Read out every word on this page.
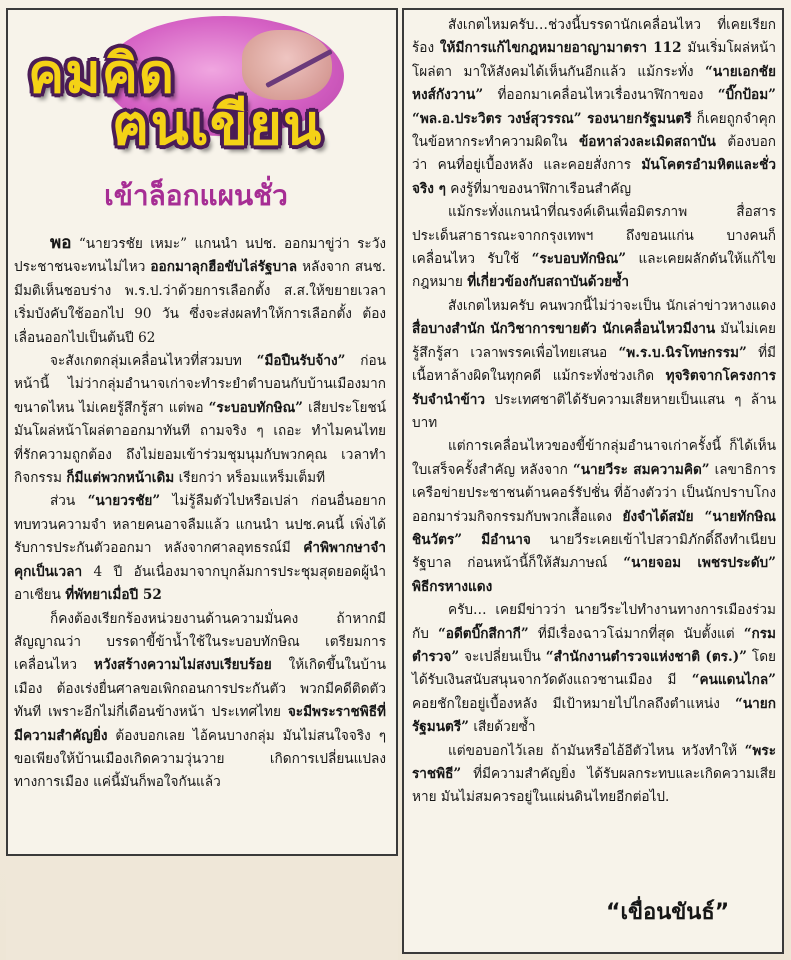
คมคิด
ฅนเขียน
เข้าล็อกแผนชั่ว

พอ “นายวรชัย เหมะ” แกนนำ นปช. ออกมาขู่ว่า ระวังประชาชนจะทนไม่ไหว ออกมาลุกฮือขับไล่รัฐบาล หลังจาก สนช. มีมติเห็นชอบร่าง พ.ร.ป.ว่าด้วยการเลือกตั้ง ส.ส.ให้ขยายเวลาเริ่มบังคับใช้ออกไป 90 วัน ซึ่งจะส่งผลทำให้การเลือกตั้ง ต้องเลื่อนออกไปเป็นต้นปี 62

จะสังเกตกลุ่มเคลื่อนไหวที่สวมบท “มือปืนรับจ้าง” ก่อนหน้านี้ ไม่ว่ากลุ่มอำนาจเก่าจะทำระยำตำบอนกับบ้านเมืองมากขนาดไหน ไม่เคยรู้สึกรู้สา แต่พอ “ระบอบทักษิณ” เสียประโยชน์ มันโผล่หน้าโผล่ตาออกมาทันที ถามจริง ๆ เถอะ ทำไมคนไทยที่รักความถูกต้อง ถึงไม่ยอมเข้าร่วมชุมนุมกับพวกคุณ เวลาทำกิจกรรม ก็มีแต่พวกหน้าเดิม เรียกว่า หร็อมแหร็มเต็มที

ส่วน “นายวรชัย” ไม่รู้ลืมตัวไปหรือเปล่า ก่อนอื่นอยากทบทวนความจำ หลายคนอาจลืมแล้ว แกนนำ นปช.คนนี้ เพิ่งได้รับการประกันตัวออกมา หลังจากศาลอุทธรณ์มี คำพิพากษาจำคุกเป็นเวลา 4 ปี อันเนื่องมาจากบุกล้มการประชุมสุดยอดผู้นำอาเซียน ที่พัทยาเมื่อปี 52

ก็คงต้องเรียกร้องหน่วยงานด้านความมั่นคง ถ้าหากมีสัญญาณว่า บรรดาขี้ข้าน้ำใช้ในระบอบทักษิณ เตรียมการเคลื่อนไหว หวังสร้างความไม่สงบเรียบร้อย ให้เกิดขึ้นในบ้านเมือง ต้องเร่งยื่นศาลขอเพิกถอนการประกันตัว พวกมีคดีติดตัวทันที เพราะอีกไม่กี่เดือนข้างหน้า ประเทศไทย จะมีพระราชพิธีที่มีความสำคัญยิ่ง ต้องบอกเลย ไอ้คนบางกลุ่ม มันไม่สนใจจริง ๆ ขอเพียงให้บ้านเมืองเกิดความวุ่นวาย เกิดการเปลี่ยนแปลงทางการเมือง แค่นี้มันก็พอใจกันแล้ว

สังเกตไหมครับ…ช่วงนี้บรรดานักเคลื่อนไหว ที่เคยเรียกร้อง ให้มีการแก้ไขกฎหมายอาญามาตรา 112 มันเริ่มโผล่หน้าโผล่ตา มาให้สังคมได้เห็นกันอีกแล้ว แม้กระทั่ง “นายเอกชัย หงส์กังวาน” ที่ออกมาเคลื่อนไหวเรื่องนาฬิกาของ “บิ๊กป้อม” “พล.อ.ประวิตร วงษ์สุวรรณ” รองนายกรัฐมนตรี ก็เคยถูกจำคุกในข้อหากระทำความผิดใน ข้อหาล่วงละเมิดสถาบัน ต้องบอกว่า คนที่อยู่เบื้องหลัง และคอยสั่งการ มันโคตรอำมหิตและชั่วจริง ๆ คงรู้ที่มาของนาฬิกาเรือนสำคัญ

แม้กระทั่งแกนนำที่ณรงค์เดินเพื่อมิตรภาพ สื่อสารประเด็นสาธารณะจากกรุงเทพฯ ถึงขอนแก่น บางคนก็เคลื่อนไหว รับใช้ “ระบอบทักษิณ” และเคยผลักดันให้แก้ไขกฎหมาย ที่เกี่ยวข้องกับสถาบันด้วยซ้ำ

สังเกตไหมครับ คนพวกนี้ไม่ว่าจะเป็น นักเล่าข่าวหางแดง สื่อบางสำนัก นักวิชาการขายตัว นักเคลื่อนไหวมีงาน มันไม่เคยรู้สึกรู้สา เวลาพรรคเพื่อไทยเสนอ “พ.ร.บ.นิรโทษกรรม” ที่มีเนื้อหาล้างผิดในทุกคดี แม้กระทั่งช่วงเกิด ทุจริตจากโครงการรับจำนำข้าว ประเทศชาติได้รับความเสียหายเป็นแสน ๆ ล้านบาท

แต่การเคลื่อนไหวของขี้ข้ากลุ่มอำนาจเก่าครั้งนี้ ก็ได้เห็นใบเสร็จครั้งสำคัญ หลังจาก “นายวีระ สมความคิด” เลขาธิการเครือข่ายประชาชนต้านคอร์รัปชั่น ที่อ้างตัวว่า เป็นนักปราบโกง ออกมาร่วมกิจกรรมกับพวกเสื้อแดง ยังจำได้สมัย “นายทักษิณ ชินวัตร” มีอำนาจ นายวีระเคยเข้าไปสวามิภักดิ์ถึงทำเนียบรัฐบาล ก่อนหน้านี้ก็ให้สัมภาษณ์ “นายจอม เพชรประดับ” พิธีกรหางแดง

ครับ… เคยมีข่าวว่า นายวีระไปทำงานทางการเมืองร่วมกับ “อดีตบิ๊กสีกากี” ที่มีเรื่องฉาวโฉ่มากที่สุด นับตั้งแต่ “กรมตำรวจ” จะเปลี่ยนเป็น “สำนักงานตำรวจแห่งชาติ (ตร.)” โดยได้รับเงินสนับสนุนจากวัดดังแถวชานเมือง มี “คนแดนไกล” คอยชักใยอยู่เบื้องหลัง มีเป้าหมายไปไกลถึงตำแหน่ง “นายกรัฐมนตรี” เสียด้วยซ้ำ

แต่ขอบอกไว้เลย ถ้ามันหรือไอ้อีตัวไหน หวังทำให้ “พระราชพิธี” ที่มีความสำคัญยิ่ง ได้รับผลกระทบและเกิดความเสียหาย มันไม่สมควรอยู่ในแผ่นดินไทยอีกต่อไป.

“เขื่อนขันธ์”
